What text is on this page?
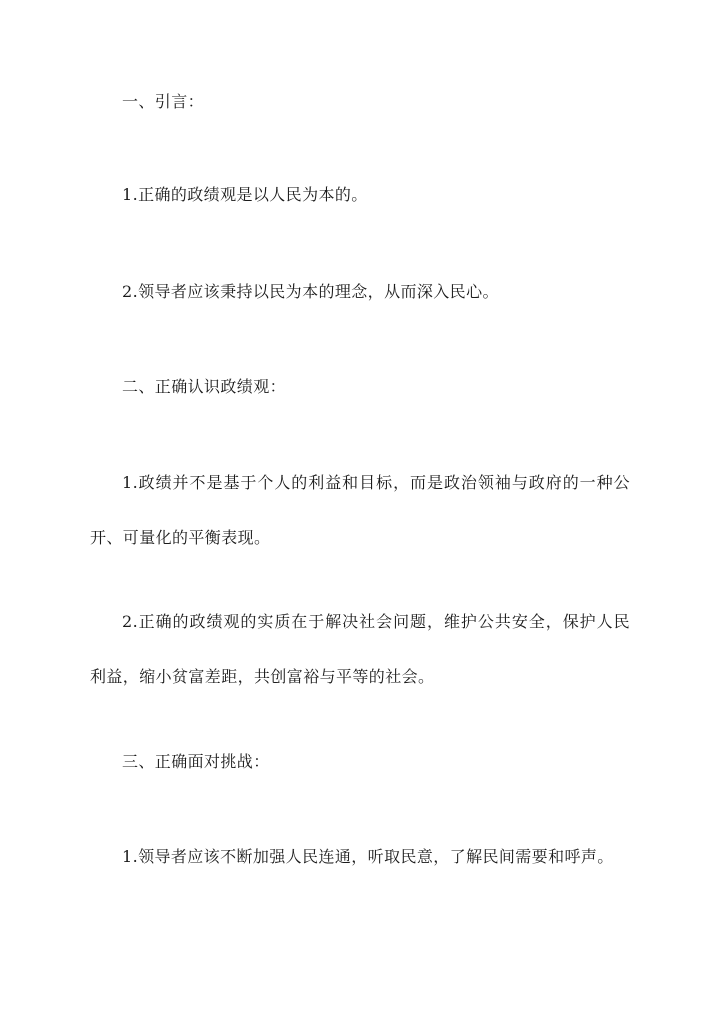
一、引言：

1.正确的政绩观是以人民为本的。

2.领导者应该秉持以民为本的理念，从而深入民心。

二、正确认识政绩观：

1.政绩并不是基于个人的利益和目标，而是政治领袖与政府的一种公开、可量化的平衡表现。

2.正确的政绩观的实质在于解决社会问题，维护公共安全，保护人民利益，缩小贫富差距，共创富裕与平等的社会。

三、正确面对挑战：

1.领导者应该不断加强人民连通，听取民意，了解民间需要和呼声。
